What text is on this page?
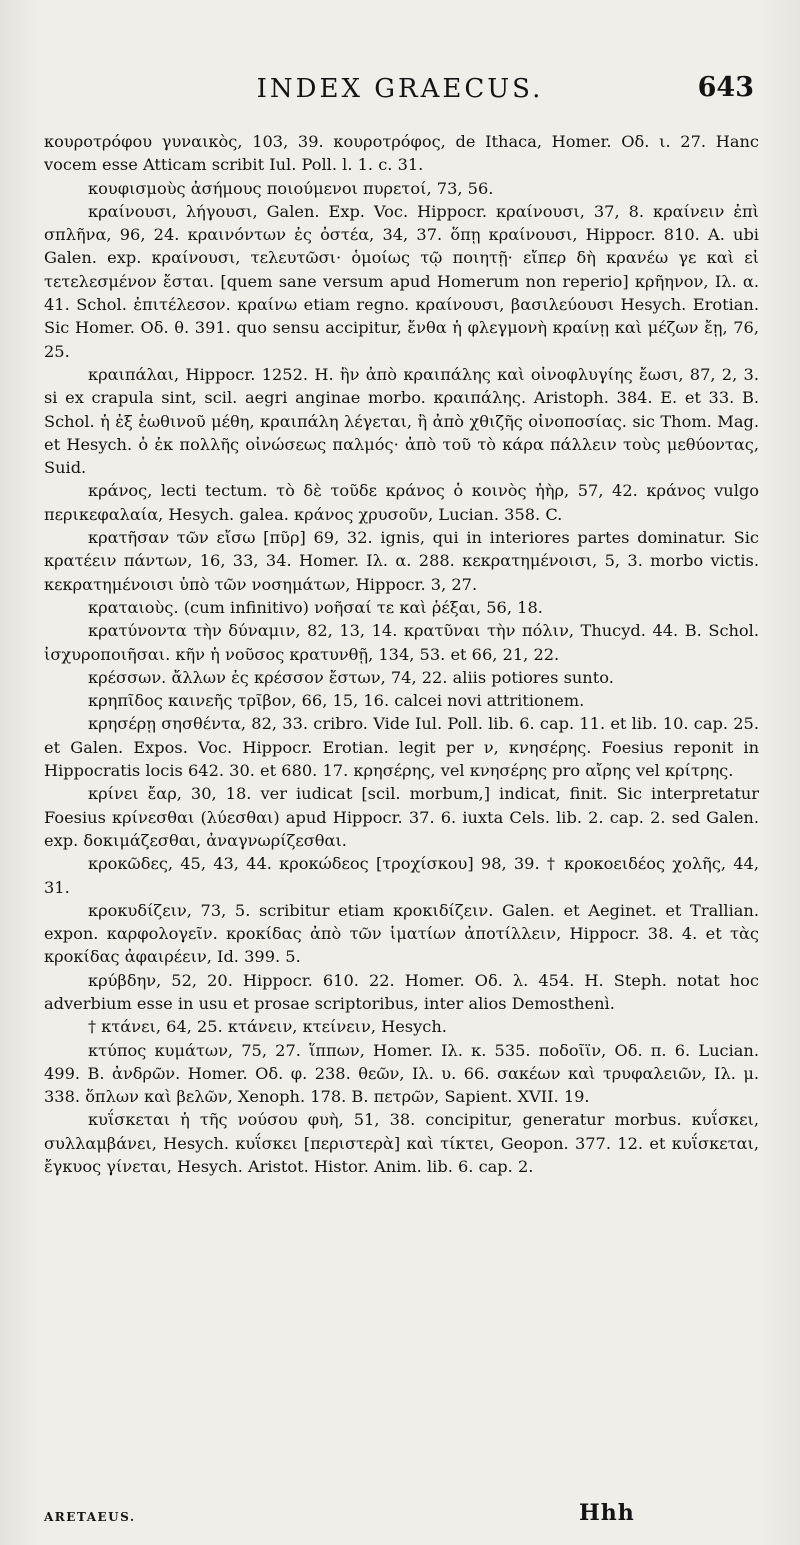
INDEX GRAECUS.	643

κουροτρόφου γυναικὸς, 103, 39. κουροτρόφος, de Ithaca, Homer. Οδ. ι. 27. Hanc vocem esse Atticam scribit Iul. Poll. l. 1. c. 31.

κουφισμοὺς ἀσήμους ποιούμενοι πυρετοί, 73, 56.

κραίνουσι, λήγουσι, Galen. Exp. Voc. Hippocr. κραίνουσι, 37, 8. κραίνειν ἐπὶ σπλῆνα, 96, 24. κραινόντων ἐς ὀστέα, 34, 37. ὅπῃ κραίνουσι, Hippocr. 810. A. ubi Galen. exp. κραίνουσι, τελευτῶσι· ὁμοίως τῷ ποιητῇ· εἴπερ δὴ κρανέω γε καὶ εἰ τετελεσμένον ἔσται. [quem sane versum apud Homerum non reperio] κρῆηνον, Ιλ. α. 41. Schol. ἐπιτέλεσον. κραίνω etiam regno. κραίνουσι, βασιλεύουσι Hesych. Erotian. Sic Homer. Οδ. θ. 391. quo sensu accipitur, ἔνθα ἡ φλεγμονὴ κραίνῃ καὶ μέζων ἔῃ, 76, 25.

κραιπάλαι, Hippocr. 1252. H. ἢν ἀπὸ κραιπάλης καὶ οἰνοφλυγίης ἔωσι, 87, 2, 3. si ex crapula sint, scil. aegri anginae morbo. κραιπάλης. Aristoph. 384. E. et 33. B. Schol. ἡ ἐξ ἑωθινοῦ μέθη, κραιπάλη λέγεται, ἢ ἀπὸ χθιζῆς οἰνοποσίας. sic Thom. Mag. et Hesych. ὁ ἐκ πολλῆς οἰνώσεως παλμός· ἀπὸ τοῦ τὸ κάρα πάλλειν τοὺς μεθύοντας, Suid.

κράνος, lecti tectum. τὸ δὲ τοῦδε κράνος ὁ κοινὸς ἠὴρ, 57, 42. κράνος vulgo περικεφαλαία, Hesych. galea. κράνος χρυσοῦν, Lucian. 358. C.

κρατῆσαν τῶν εἴσω [πῦρ] 69, 32. ignis, qui in interiores partes dominatur. Sic κρατέειν πάντων, 16, 33, 34. Homer. Ιλ. α. 288. κεκρατημένοισι, 5, 3. morbo victis. κεκρατημένοισι ὑπὸ τῶν νοσημάτων, Hippocr. 3, 27.

κραταιοὺς. (cum infinitivo) νοῆσαί τε καὶ ῥέξαι, 56, 18.

κρατύνοντα τὴν δύναμιν, 82, 13, 14. κρατῦναι τὴν πόλιν, Thucyd. 44. B. Schol. ἰσχυροποιῆσαι. κῆν ἡ νοῦσος κρατυνθῇ, 134, 53. et 66, 21, 22.

κρέσσων. ἄλλων ἐς κρέσσον ἔστων, 74, 22. aliis potiores sunto.

κρηπῖδος καινεῆς τρῖβον, 66, 15, 16. calcei novi attritionem.

κρησέρῃ σησθέντα, 82, 33. cribro. Vide Iul. Poll. lib. 6. cap. 11. et lib. 10. cap. 25. et Galen. Expos. Voc. Hippocr. Erotian. legit per ν, κνησέρης. Foesius reponit in Hippocratis locis 642. 30. et 680. 17. κρησέρης, vel κνησέρης pro αἴρης vel κρίτρης.

κρίνει ἔαρ, 30, 18. ver iudicat [scil. morbum,] indicat, finit. Sic interpretatur Foesius κρίνεσθαι (λύεσθαι) apud Hippocr. 37. 6. iuxta Cels. lib. 2. cap. 2. sed Galen. exp. δοκιμάζεσθαι, ἀναγνωρίζεσθαι.

κροκῶδες, 45, 43, 44. κροκώδεος [τροχίσκου] 98, 39. † κροκοειδέος χολῆς, 44, 31.

κροκυδίζειν, 73, 5. scribitur etiam κροκιδίζειν. Galen. et Aeginet. et Trallian. expon. καρφολογεῖν. κροκίδας ἀπὸ τῶν ἱματίων ἀποτίλλειν, Hippocr. 38. 4. et τὰς κροκίδας ἀφαιρέειν, Id. 399. 5.

κρύβδην, 52, 20. Hippocr. 610. 22. Homer. Οδ. λ. 454. H. Steph. notat hoc adverbium esse in usu et prosae scriptoribus, inter alios Demosthenì.

† κτάνει, 64, 25. κτάνειν, κτείνειν, Hesych.

κτύπος κυμάτων, 75, 27. ἵππων, Homer. Ιλ. κ. 535. ποδοῖϊν, Οδ. π. 6. Lucian. 499. B. ἀνδρῶν. Homer. Οδ. φ. 238. θεῶν, Ιλ. υ. 66. σακέων καὶ τρυφαλειῶν, Ιλ. μ. 338. ὅπλων καὶ βελῶν, Xenoph. 178. B. πετρῶν, Sapient. XVII. 19.

κυΐσκεται ἡ τῆς νούσου φυὴ, 51, 38. concipitur, generatur morbus. κυΐσκει, συλλαμβάνει, Hesych. κυΐσκει [περιστερὰ] καὶ τίκτει, Geopon. 377. 12. et κυΐσκεται, ἔγκυος γίνεται, Hesych. Aristot. Histor. Anim. lib. 6. cap. 2.

ARETAEUS.	Hhh
